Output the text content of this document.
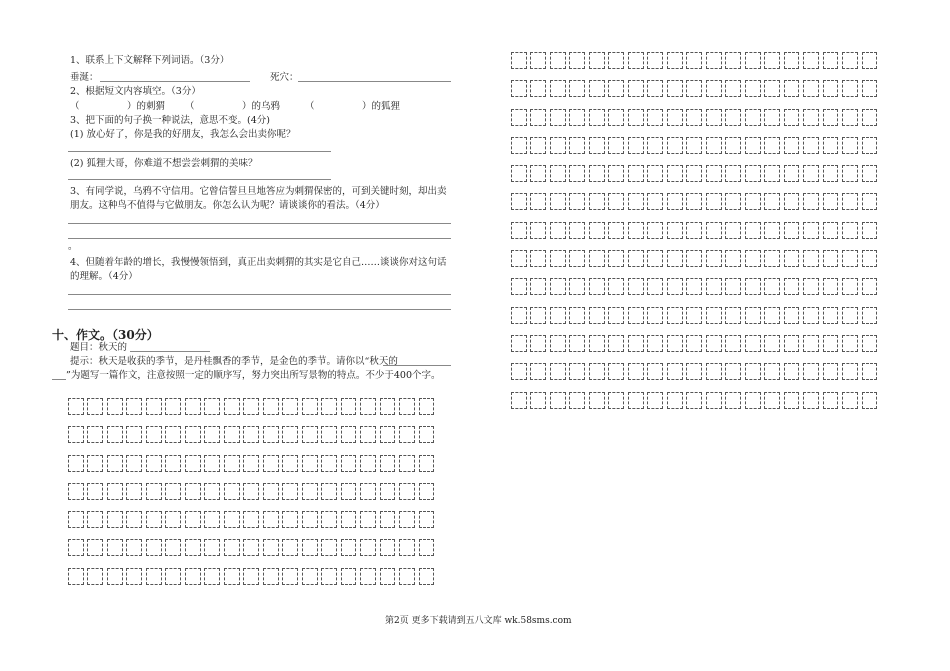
1、联系上下文解释下列词语。（3分）
垂涎：	死穴：
2、根据短文内容填空。（3分）
（　　　　　）的刺猬 （　　　　　）的乌鸦	（　　　　　）的狐狸
3、把下面的句子换一种说法，意思不变。(4分)
(1) 放心好了，你是我的好朋友，我怎么会出卖你呢？
(2) 狐狸大哥，你难道不想尝尝刺猬的美味？
3、有同学说，乌鸦不守信用。它曾信誓旦旦地答应为刺猬保密的，可到关键时刻，却出卖
朋友。这种鸟不值得与它做朋友。你怎么认为呢？请谈谈你的看法。（4分）
。
4、但随着年龄的增长，我慢慢领悟到，真正出卖刺猬的其实是它自己……谈谈你对这句话
的理解。（4分）
十、作文。（30分）
题目：秋天的
提示：秋天是收获的季节，是丹桂飘香的季节，是金色的季节。请你以“秋天的
”为题写一篇作文，注意按照一定的顺序写，努力突出所写景物的特点。不少于400个字。
第2页 更多下载请到五八文库 wk.58sms.com
